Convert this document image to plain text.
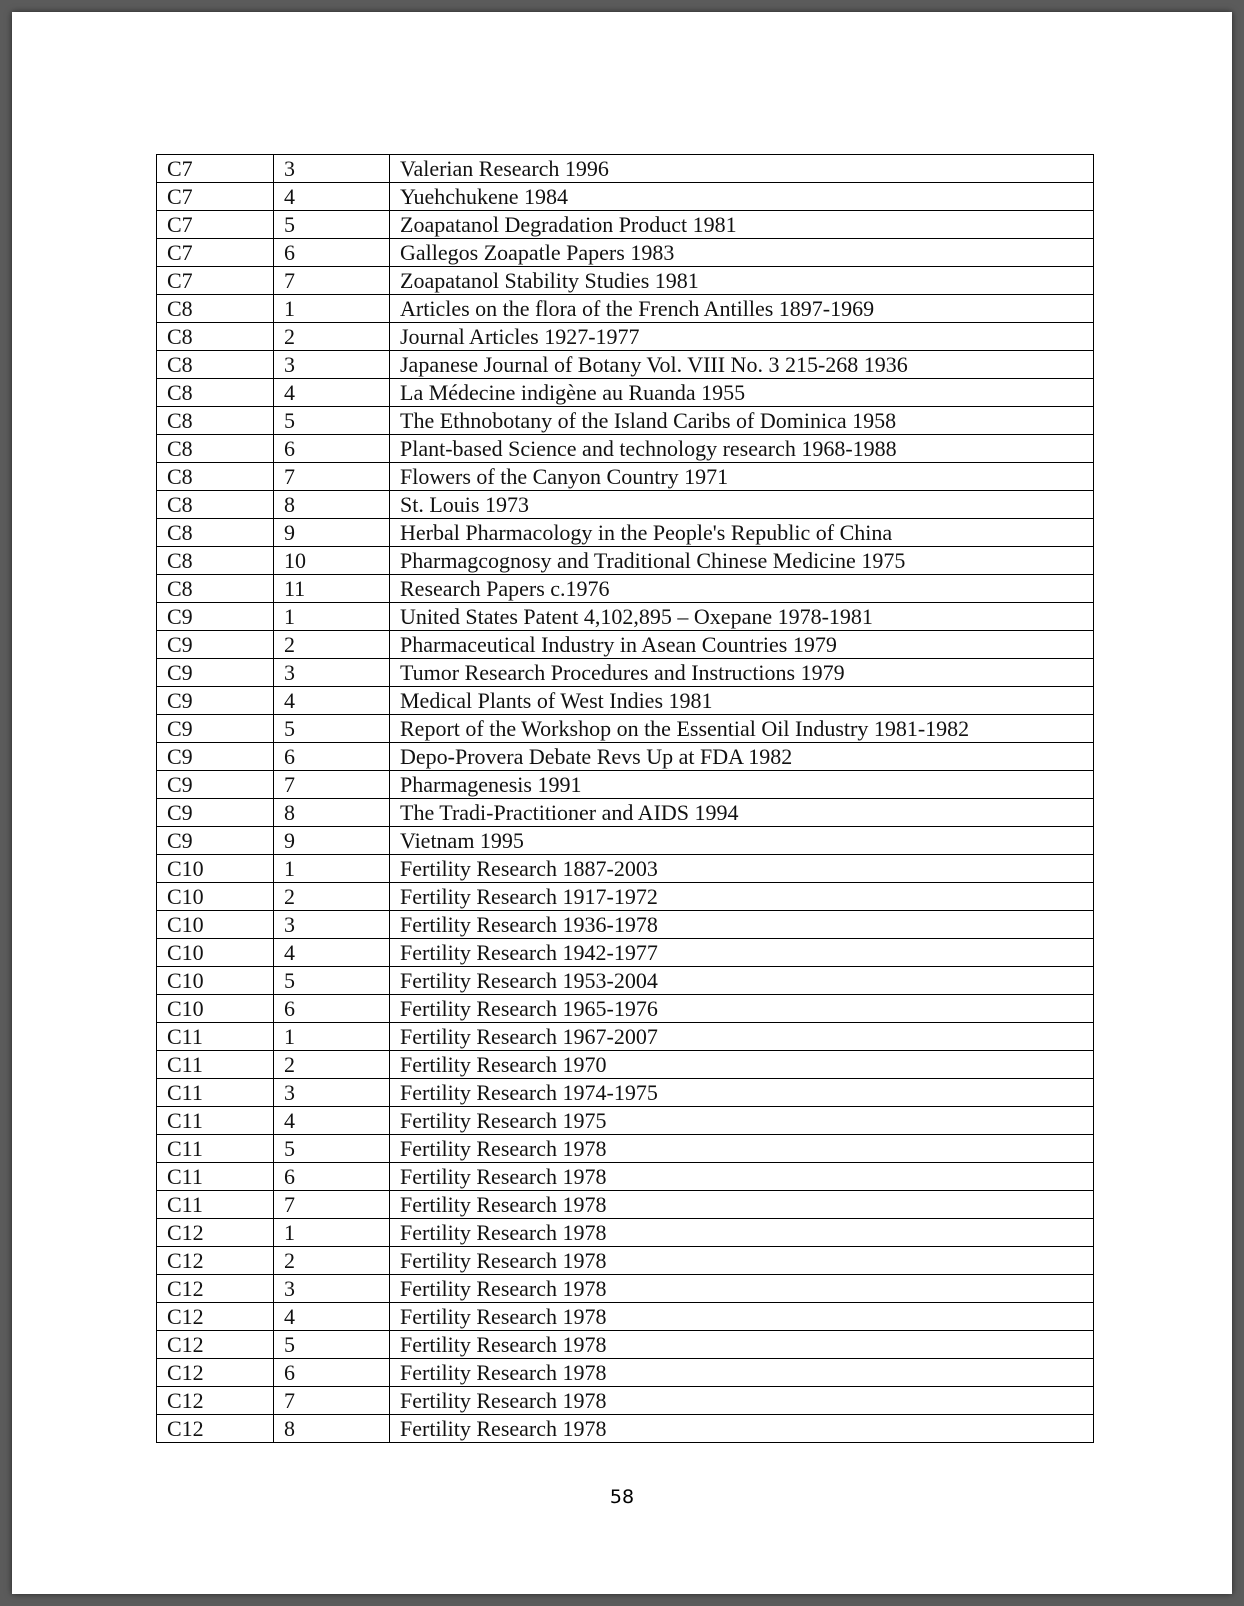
C7	3	Valerian Research 1996
C7	4	Yuehchukene 1984
C7	5	Zoapatanol Degradation Product 1981
C7	6	Gallegos Zoapatle Papers 1983
C7	7	Zoapatanol Stability Studies 1981
C8	1	Articles on the flora of the French Antilles 1897-1969
C8	2	Journal Articles 1927-1977
C8	3	Japanese Journal of Botany Vol. VIII No. 3 215-268 1936
C8	4	La Médecine indigène au Ruanda 1955
C8	5	The Ethnobotany of the Island Caribs of Dominica 1958
C8	6	Plant-based Science and technology research 1968-1988
C8	7	Flowers of the Canyon Country 1971
C8	8	St. Louis 1973
C8	9	Herbal Pharmacology in the People's Republic of China
C8	10	Pharmagcognosy and Traditional Chinese Medicine 1975
C8	11	Research Papers c.1976
C9	1	United States Patent 4,102,895 – Oxepane 1978-1981
C9	2	Pharmaceutical Industry in Asean Countries 1979
C9	3	Tumor Research Procedures and Instructions 1979
C9	4	Medical Plants of West Indies 1981
C9	5	Report of the Workshop on the Essential Oil Industry 1981-1982
C9	6	Depo-Provera Debate Revs Up at FDA 1982
C9	7	Pharmagenesis 1991
C9	8	The Tradi-Practitioner and AIDS 1994
C9	9	Vietnam 1995
C10	1	Fertility Research 1887-2003
C10	2	Fertility Research 1917-1972
C10	3	Fertility Research 1936-1978
C10	4	Fertility Research 1942-1977
C10	5	Fertility Research 1953-2004
C10	6	Fertility Research 1965-1976
C11	1	Fertility Research 1967-2007
C11	2	Fertility Research 1970
C11	3	Fertility Research 1974-1975
C11	4	Fertility Research 1975
C11	5	Fertility Research 1978
C11	6	Fertility Research 1978
C11	7	Fertility Research 1978
C12	1	Fertility Research 1978
C12	2	Fertility Research 1978
C12	3	Fertility Research 1978
C12	4	Fertility Research 1978
C12	5	Fertility Research 1978
C12	6	Fertility Research 1978
C12	7	Fertility Research 1978
C12	8	Fertility Research 1978
58
